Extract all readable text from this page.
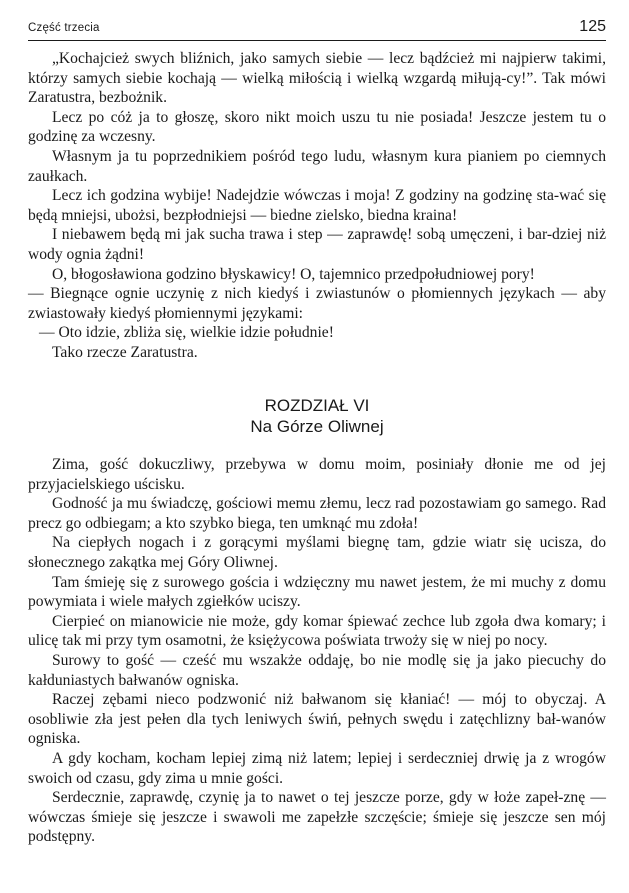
Część trzecia	125

„Kochajcież swych bliźnich, jako samych siebie — lecz bądźcież mi najpierw takimi, którzy samych siebie kochają — wielką miłością i wielką wzgardą miłują-cy!”. Tak mówi Zaratustra, bezbożnik.

Lecz po cóż ja to głoszę, skoro nikt moich uszu tu nie posiada! Jeszcze jestem tu o godzinę za wczesny.

Własnym ja tu poprzednikiem pośród tego ludu, własnym kura pianiem po ciemnych zaułkach.

Lecz ich godzina wybije! Nadejdzie wówczas i moja! Z godziny na godzinę sta-wać się będą mniejsi, ubożsi, bezpłodniejsi — biedne zielsko, biedna kraina!

I niebawem będą mi jak sucha trawa i step — zaprawdę! sobą umęczeni, i bar-dziej niż wody ognia żądni!

O, błogosławiona godzino błyskawicy! O, tajemnico przedpołudniowej pory!

— Biegnące ognie uczynię z nich kiedyś i zwiastunów o płomiennych językach — aby zwiastowały kiedyś płomiennymi językami:

— Oto idzie, zbliża się, wielkie idzie południe!

Tako rzecze Zaratustra.

ROZDZIAŁ VI
Na Górze Oliwnej

Zima, gość dokuczliwy, przebywa w domu moim, posiniały dłonie me od jej przyjacielskiego uścisku.

Godność ja mu świadczę, gościowi memu złemu, lecz rad pozostawiam go samego. Rad precz go odbiegam; a kto szybko biega, ten umknąć mu zdoła!

Na ciepłych nogach i z gorącymi myślami biegnę tam, gdzie wiatr się ucisza, do słonecznego zakątka mej Góry Oliwnej.

Tam śmieję się z surowego gościa i wdzięczny mu nawet jestem, że mi muchy z domu powymiata i wiele małych zgiełków uciszy.

Cierpieć on mianowicie nie może, gdy komar śpiewać zechce lub zgoła dwa komary; i ulicę tak mi przy tym osamotni, że księżycowa poświata trwoży się w niej po nocy.

Surowy to gość — cześć mu wszakże oddaję, bo nie modlę się ja jako piecuchy do kałduniastych bałwanów ogniska.

Raczej zębami nieco podzwonić niż bałwanom się kłaniać! — mój to obyczaj. A osobliwie zła jest pełen dla tych leniwych świń, pełnych swędu i zatęchlizny bał-wanów ogniska.

A gdy kocham, kocham lepiej zimą niż latem; lepiej i serdeczniej drwię ja z wrogów swoich od czasu, gdy zima u mnie gości.

Serdecznie, zaprawdę, czynię ja to nawet o tej jeszcze porze, gdy w łoże zapeł-znę — wówczas śmieje się jeszcze i swawoli me zapełzłe szczęście; śmieje się jeszcze sen mój podstępny.
